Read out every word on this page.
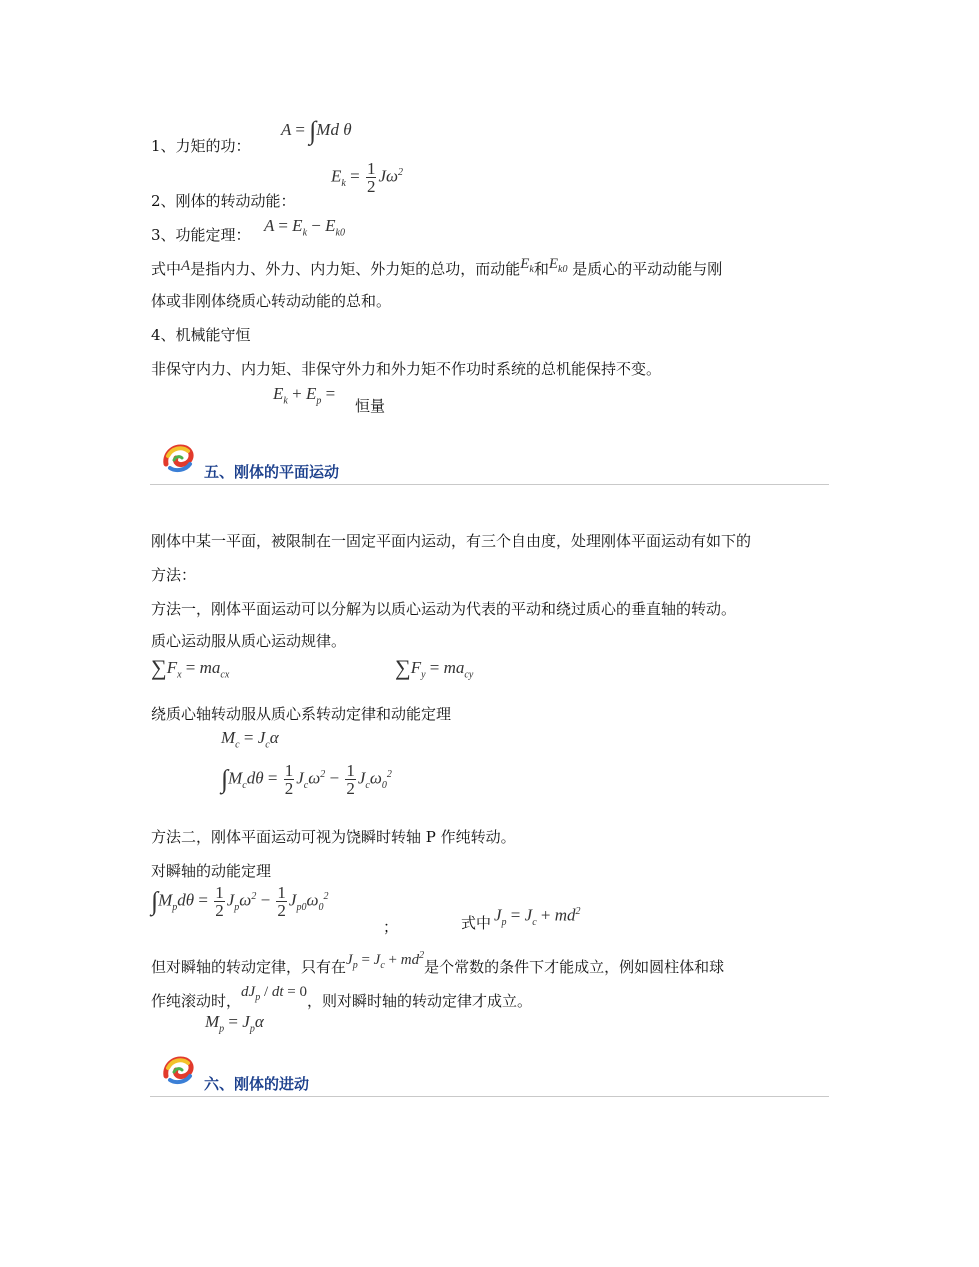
1、力矩的功：
A = ∫Md θ
2、刚体的转动动能：
$E_k = \frac{1}{2} J\omega^2$
3、功能定理： $A = E_k - E_{k0}$
式中A是指内力、外力、内力矩、外力矩的总功，而动能$E_k$和$E_{k0}$ 是质心的平动动能与刚
体或非刚体绕质心转动动能的总和。
4、机械能守恒
非保守内力、内力矩、非保守外力和外力矩不作功时系统的总机能保持不变。
$E_k + E_p$ =
恒量
五、刚体的平面运动
刚体中某一平面，被限制在一固定平面内运动，有三个自由度，处理刚体平面运动有如下的
方法：
方法一，刚体平面运动可以分解为以质心运动为代表的平动和绕过质心的垂直轴的转动。
质心运动服从质心运动规律。
$\sum F_x = ma_{cx}$	$\sum F_y = ma_{cy}$
绕质心轴转动服从质心系转动定律和动能定理
$M_c = J_c\alpha$
$\int M_cd\theta = \frac{1}{2} J_c\omega^2 - \frac{1}{2} J_c\omega_0^2$
方法二，刚体平面运动可视为饶瞬时转轴 P 作纯转动。
对瞬轴的动能定理
$\int M_pd\theta = \frac{1}{2} J_p\omega^2 - \frac{1}{2} J_{p0}\omega_0^2$
；	式中 $J_p = J_c + md^2$
但对瞬轴的转动定律，只有在$J_p = J_c + md^2$是个常数的条件下才能成立，例如圆柱体和球
作纯滚动时，$dJ_p$ / dt = 0，则对瞬时轴的转动定律才成立。
$M_p = J_p\alpha$
六、刚体的进动
